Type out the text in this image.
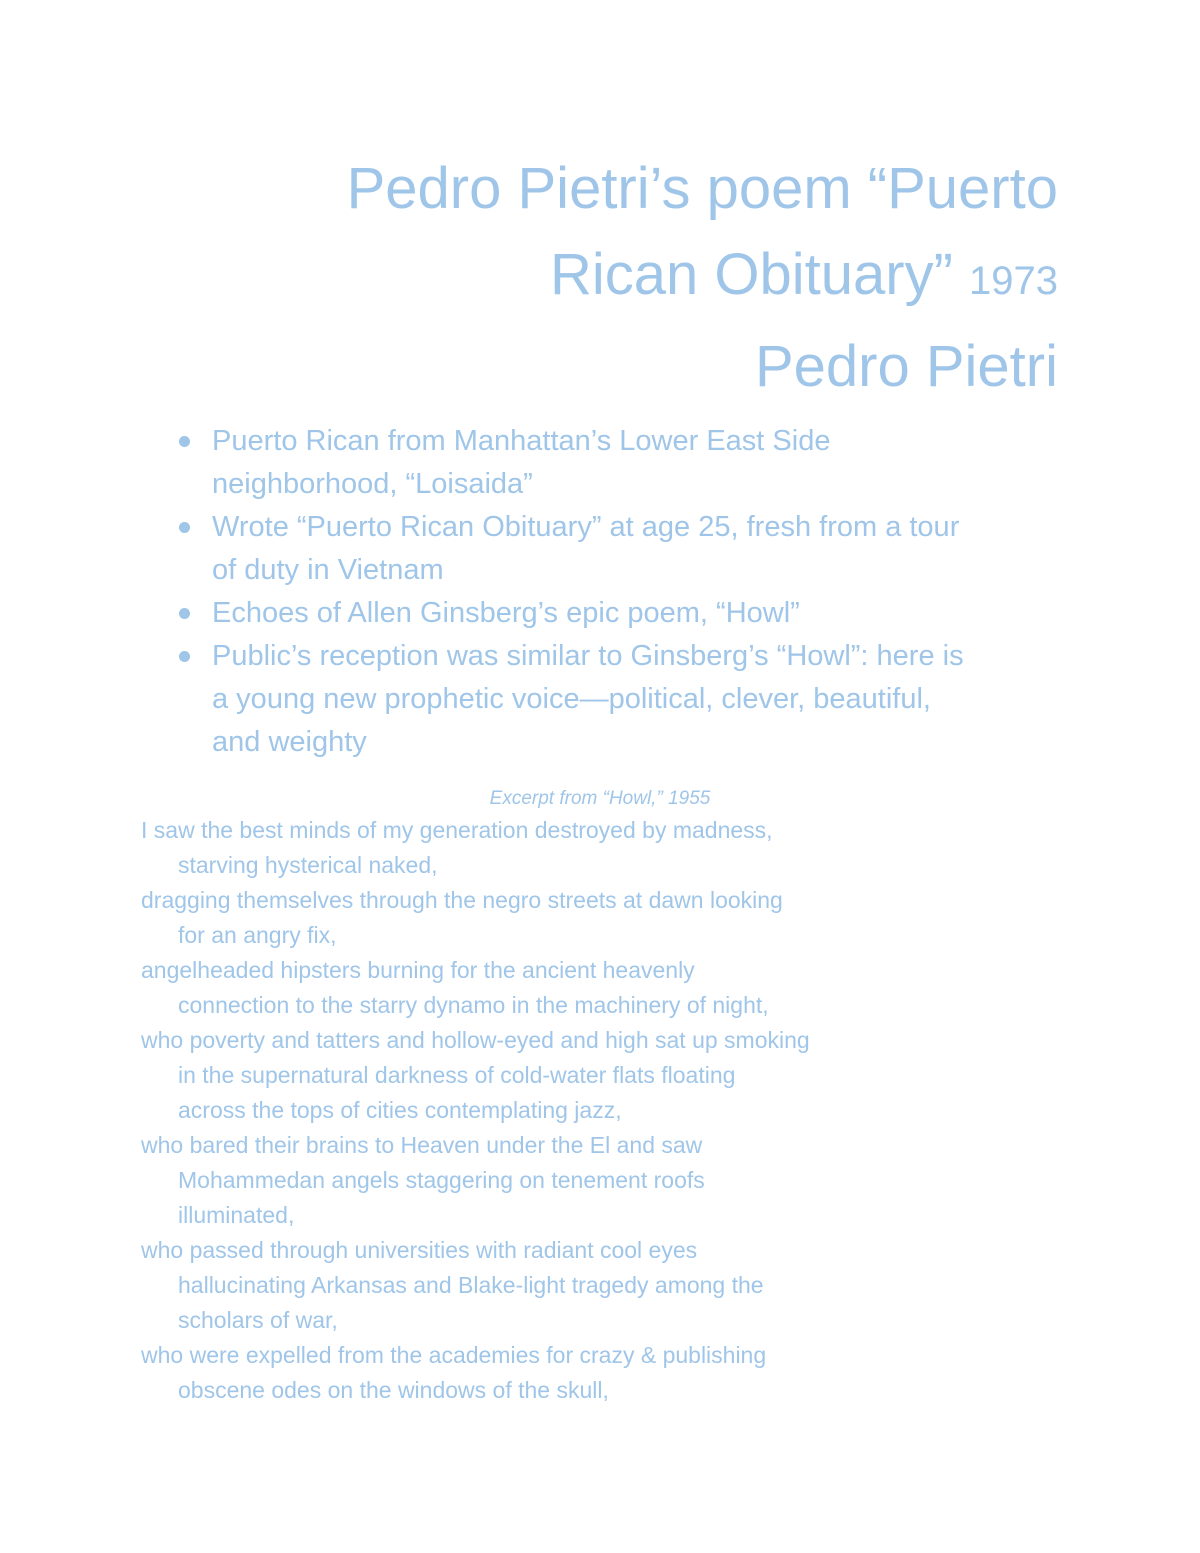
Pedro Pietri’s poem “Puerto
Rican Obituary” 1973
Pedro Pietri
Puerto Rican from Manhattan’s Lower East Side
neighborhood, “Loisaida”
Wrote “Puerto Rican Obituary” at age 25, fresh from a tour
of duty in Vietnam
Echoes of Allen Ginsberg’s epic poem, “Howl”
Public’s reception was similar to Ginsberg’s “Howl”: here is
a young new prophetic voice—political, clever, beautiful,
and weighty
Excerpt from “Howl,” 1955
I saw the best minds of my generation destroyed by madness,
starving hysterical naked,
dragging themselves through the negro streets at dawn looking
for an angry fix,
angelheaded hipsters burning for the ancient heavenly
connection to the starry dynamo in the machinery of night,
who poverty and tatters and hollow-eyed and high sat up smoking
in the supernatural darkness of cold-water flats floating
across the tops of cities contemplating jazz,
who bared their brains to Heaven under the El and saw
Mohammedan angels staggering on tenement roofs
illuminated,
who passed through universities with radiant cool eyes
hallucinating Arkansas and Blake-light tragedy among the
scholars of war,
who were expelled from the academies for crazy & publishing
obscene odes on the windows of the skull,
